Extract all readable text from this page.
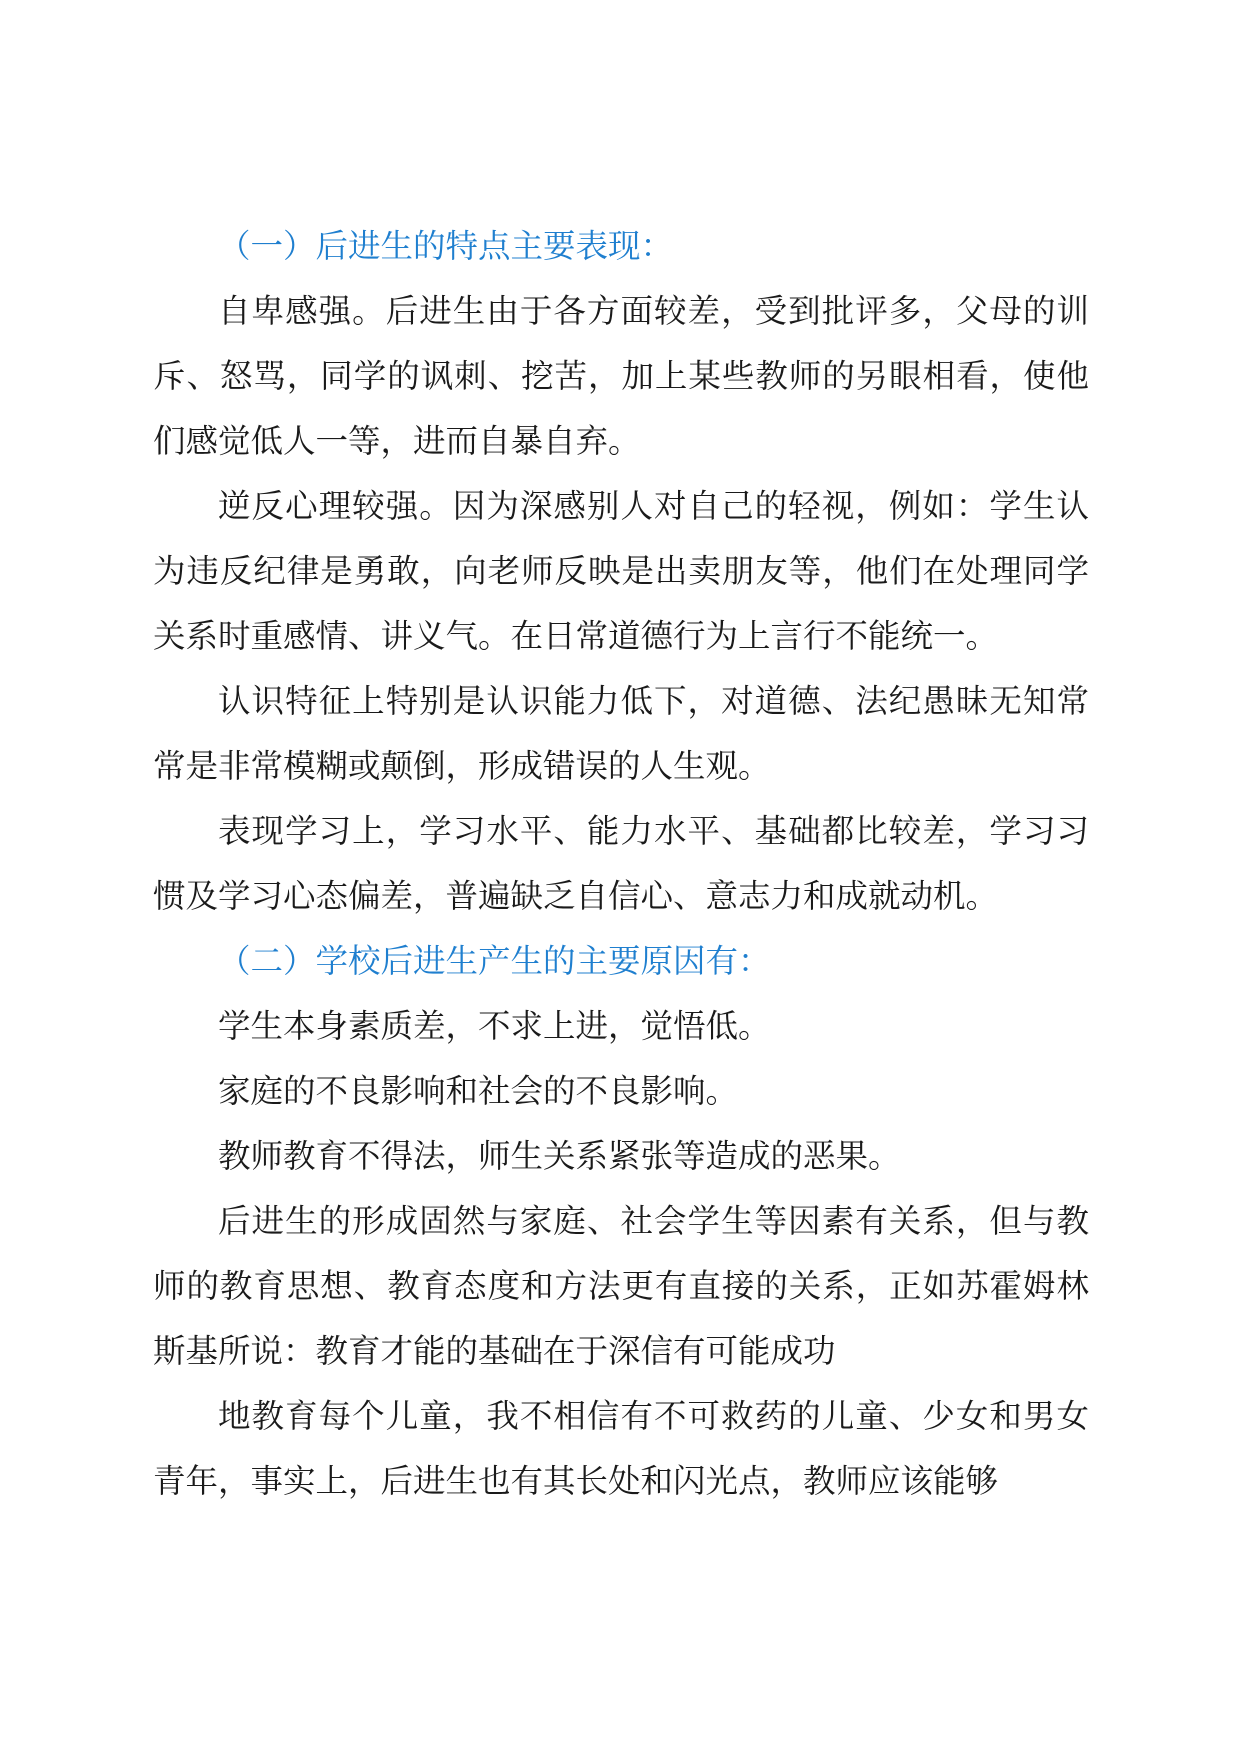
（一）后进生的特点主要表现：

自卑感强。后进生由于各方面较差，受到批评多，父母的训斥、怒骂，同学的讽刺、挖苦，加上某些教师的另眼相看，使他们感觉低人一等，进而自暴自弃。

逆反心理较强。因为深感别人对自己的轻视，例如：学生认为违反纪律是勇敢，向老师反映是出卖朋友等，他们在处理同学关系时重感情、讲义气。在日常道德行为上言行不能统一。

认识特征上特别是认识能力低下，对道德、法纪愚昧无知常常是非常模糊或颠倒，形成错误的人生观。

表现学习上，学习水平、能力水平、基础都比较差，学习习惯及学习心态偏差，普遍缺乏自信心、意志力和成就动机。

（二）学校后进生产生的主要原因有：

学生本身素质差，不求上进，觉悟低。

家庭的不良影响和社会的不良影响。

教师教育不得法，师生关系紧张等造成的恶果。

后进生的形成固然与家庭、社会学生等因素有关系，但与教师的教育思想、教育态度和方法更有直接的关系，正如苏霍姆林斯基所说：教育才能的基础在于深信有可能成功

地教育每个儿童，我不相信有不可救药的儿童、少女和男女青年，事实上，后进生也有其长处和闪光点，教师应该能够
